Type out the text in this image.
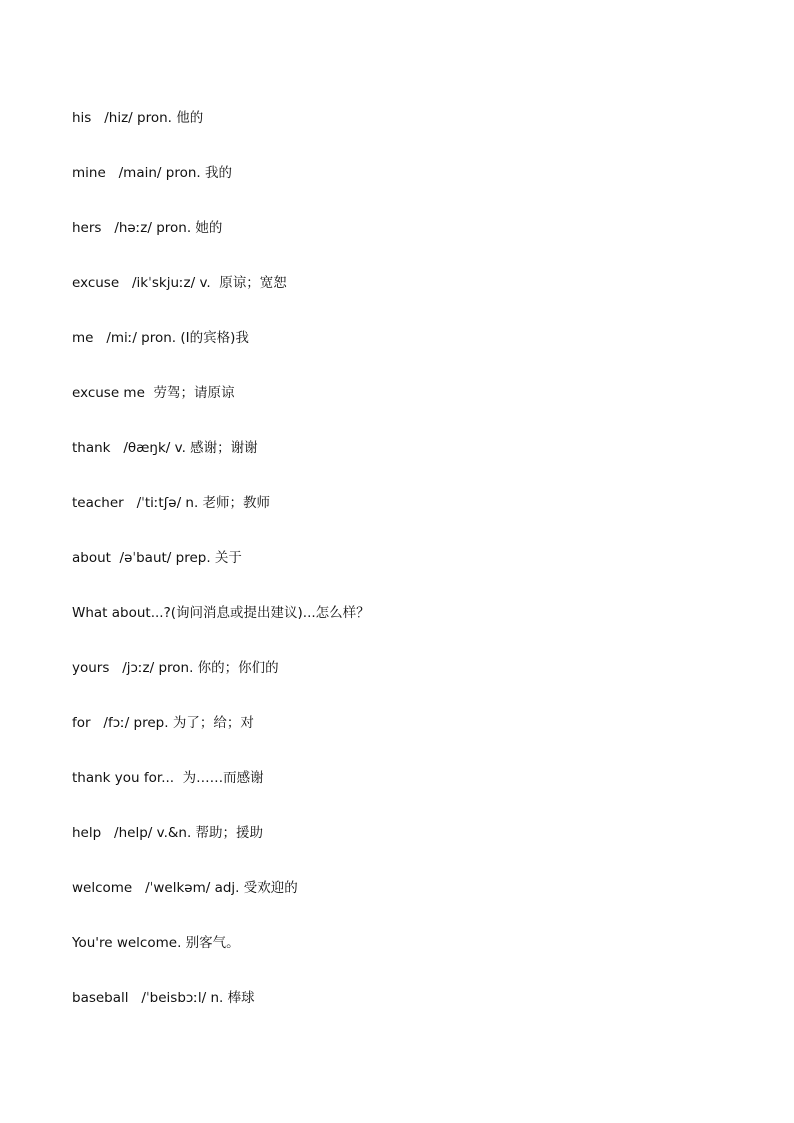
his   /hiz/ pron. 他的
mine   /main/ pron. 我的
hers   /həːz/ pron. 她的
excuse   /ikˈskjuːz/ v.  原谅；宽恕
me   /miː/ pron. (I的宾格)我
excuse me  劳驾；请原谅
thank   /θæŋk/ v. 感谢；谢谢
teacher   /ˈtiːtʃə/ n. 老师；教师
about  /əˈbaut/ prep. 关于
What about...?(询问消息或提出建议)...怎么样？
yours   /jɔːz/ pron. 你的；你们的
for   /fɔː/ prep. 为了；给；对
thank you for...  为……而感谢
help   /help/ v.&n. 帮助；援助
welcome   /ˈwelkəm/ adj. 受欢迎的
You're welcome. 别客气。
baseball   /ˈbeisbɔːl/ n. 棒球
